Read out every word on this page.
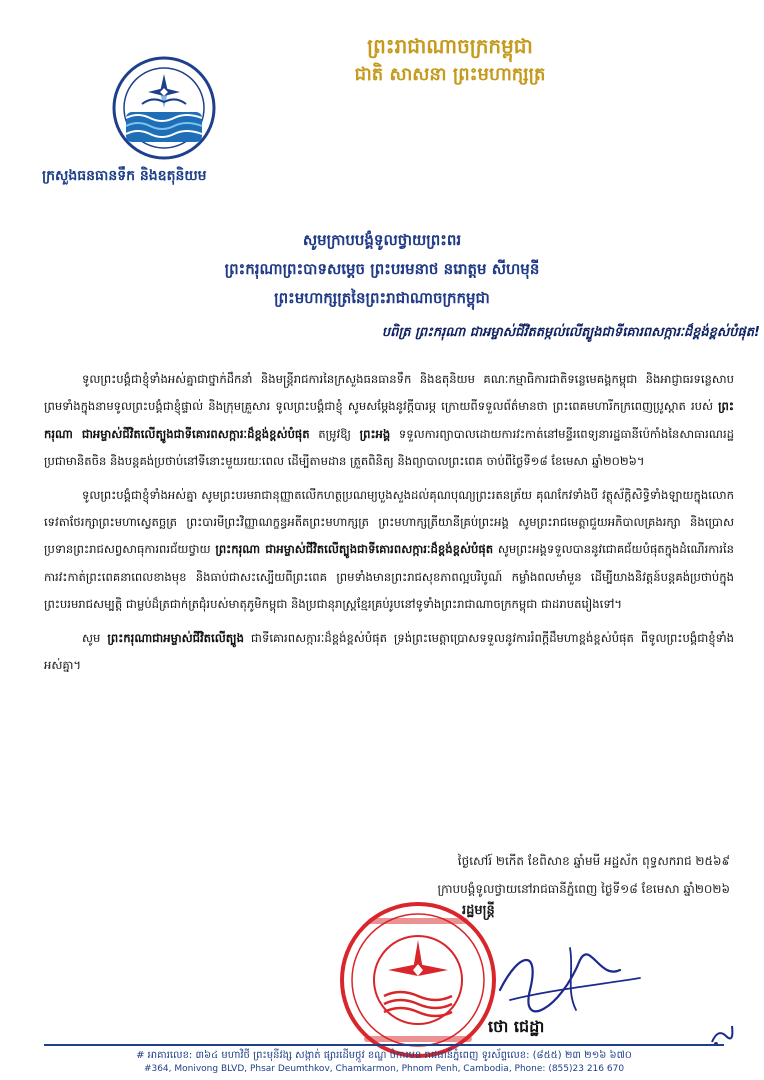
ក្រសួងធនធានទឹក និងឧតុនិយម
ព្រះរាជាណាចក្រកម្ពុជា
ជាតិ សាសនា ព្រះមហាក្សត្រ
សូមក្រាបបង្គំទូលថ្វាយព្រះពរ
ព្រះករុណាព្រះបាទសម្តេច ព្រះបរមនាថ នរោត្តម សីហមុនី
ព្រះមហាក្សត្រនៃព្រះរាជាណាចក្រកម្ពុជា
បពិត្រ ព្រះករុណា ជាអម្ចាស់ជីវិតតម្កល់លើត្បូងជាទីគោរពសក្ការៈដ៏ខ្ពង់ខ្ពស់បំផុត!

ទូលព្រះបង្គំជាខ្ញុំទាំងអស់គ្នាជាថ្នាក់ដឹកនាំ និងមន្ត្រីរាជការនៃក្រសួងធនធានទឹក និងឧតុនិយម គណៈកម្មាធិការជាតិទន្លេមេគង្គកម្ពុជា និងអាជ្ញាធរទន្លេសាប ព្រមទាំងក្នុងនាមទូលព្រះបង្គំជាខ្ញុំផ្ទាល់ និងក្រុមគ្រួសារ ទូលព្រះបង្គំជាខ្ញុំ សូមសម្តែងនូវក្តីបារម្ភ ក្រោយពីទទួលព័ត៌មានថា ព្រះពេគមហារីកក្រពេញប្រូស្តាត របស់ ព្រះករុណា ជាអម្ចាស់ជីវិតលើត្បូងជាទីគោរពសក្ការៈដ៏ខ្ពង់ខ្ពស់បំផុត តម្រូវឱ្យ ព្រះអង្គ ទទួលការព្យាបាលដោយការវះកាត់នៅមន្ទីរពេទ្យនារដ្ឋធានីប៉េកាំងនៃសាធារណរដ្ឋប្រជាមានិតចិន និងបន្តគង់ប្រថាប់នៅទីនោះមួយរយៈពេល ដើម្បីតាមដាន ត្រួតពិនិត្យ និងព្យាបាលព្រះពេគ ចាប់ពីថ្ងៃទី១៨ ខែមេសា ឆ្នាំ២០២៦។

ទូលព្រះបង្គំជាខ្ញុំទាំងអស់គ្នា សូមព្រះបរមរាជានុញ្ញាតលើកហត្ថប្រណម្យបួងសួងដល់គុណបុណ្យព្រះរតនត្រ័យ គុណកែវទាំងបី វត្ថុស័ក្តិសិទ្ធិទាំងឡាយក្នុងលោក ទេវតាថែរក្សាព្រះមហាស្វេតច្ឆត្រ ព្រះបារមីព្រះវិញ្ញាណក្ខន្ធអតីតព្រះមហាក្សត្រ ព្រះមហាក្សត្រីយានីគ្រប់ព្រះអង្គ សូមព្រះរាជមេត្តាជួយអភិបាលគ្រងរក្សា និងប្រោសប្រទានព្រះរាជសព្វសាធុការពរជ័យថ្វាយ ព្រះករុណា ជាអម្ចាស់ជីវិតលើត្បូងជាទីគោរពសក្ការៈដ៏ខ្ពង់ខ្ពស់បំផុត សូមព្រះអង្គទទួលបាននូវជោគជ័យបំផុតក្នុងដំណើរការនៃការវះកាត់ព្រះពេគនាពេលខាងមុខ និងធាប់ជាសះស្បើយពីព្រះពេគ ព្រមទាំងមានព្រះរាជសុខភាពល្អបរិបូណ៍ កម្លាំងពលមាំមួន ដើម្បីយាងនិវត្តន៍បន្តគង់ប្រថាប់ក្នុងព្រះបរមរាជសម្បត្តិ ជាម្លប់ដ៏ត្រជាក់ត្រជុំរបស់មាតុភូមិកម្ពុជា និងប្រជានុរាស្ត្រខ្មែរគ្រប់រូបនៅទូទាំងព្រះរាជាណាចក្រកម្ពុជា ជាដរាបតរៀងទៅ។

សូម ព្រះករុណាជាអម្ចាស់ជីវិតលើត្បូង ជាទីគោរពសក្ការៈដ៏ខ្ពង់ខ្ពស់បំផុត ទ្រង់ព្រះមេត្តាប្រោសទទួលនូវការរំពក្តីដឹមហាខ្ពង់ខ្ពស់បំផុត ពីទូលព្រះបង្គំជាខ្ញុំទាំងអស់គ្នា។

ថ្ងៃសៅរ៍ ២កើត ខែពិសាខ ឆ្នាំមមី អដ្ឋស័ក ពុទ្ធសករាជ ២៥៦៩
ក្រាបបង្គំទូលថ្វាយនៅរាជធានីភ្នំពេញ ថ្ងៃទី១៨ ខែមេសា ឆ្នាំ២០២៦
រដ្ឋមន្ត្រី
ថោ ជេដ្ឋា
# អាគារលេខ: ៣៦៤ មហាវិថី ព្រះមុនីវង្ស សង្កាត់ ផ្សារដើមថ្កូវ ខណ្ឌ ចំការមន រាជធានីភ្នំពេញ ទូរស័ព្ទលេខ: (៨៥៥) ២៣ ២១៦ ៦៧០
#364, Monivong BLVD, Phsar Deumthkov, Chamkarmon, Phnom Penh, Cambodia, Phone: (855)23 216 670
